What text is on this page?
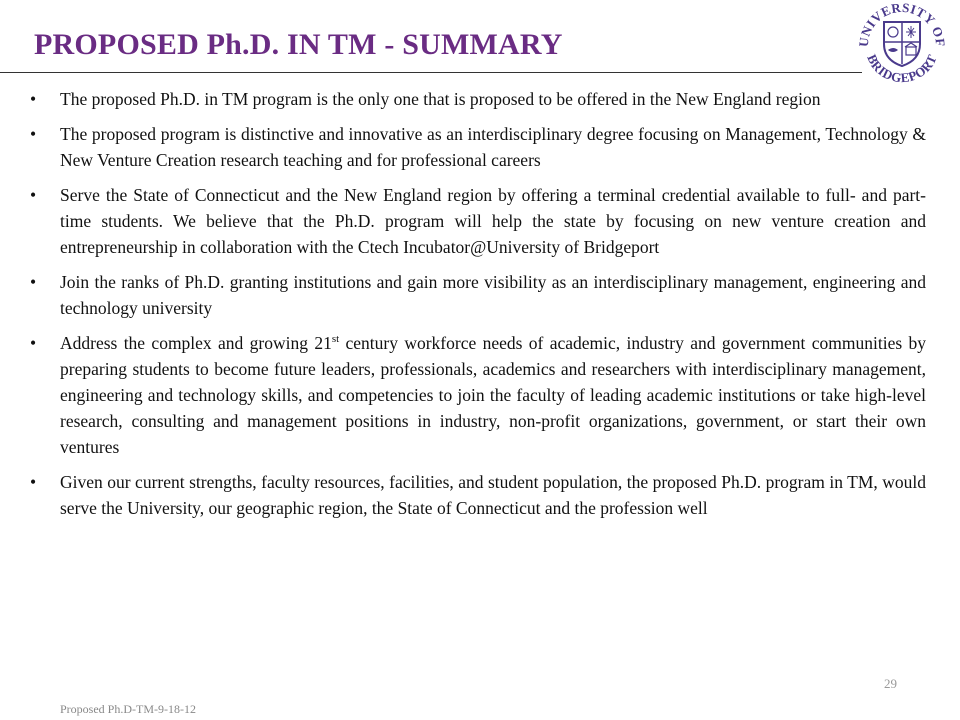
PROPOSED Ph.D. IN TM - SUMMARY	UNIVERSITY OF
BRIDGEPORT
• The proposed Ph.D. in TM program is the only one that is proposed to be offered in the New England region
• The proposed program is distinctive and innovative as an interdisciplinary degree focusing on Management, Technology & New Venture Creation research teaching and for professional careers
• Serve the State of Connecticut and the New England region by offering a terminal credential available to full- and part-time students. We believe that the Ph.D. program will help the state by focusing on new venture creation and entrepreneurship in collaboration with the Ctech Incubator@University of Bridgeport
• Join the ranks of Ph.D. granting institutions and gain more visibility as an interdisciplinary management, engineering and technology university
• Address the complex and growing 21st century workforce needs of academic, industry and government communities by preparing students to become future leaders, professionals, academics and researchers with interdisciplinary management, engineering and technology skills, and competencies to join the faculty of leading academic institutions or take high-level research, consulting and management positions in industry, non-profit organizations, government, or start their own ventures
• Given our current strengths, faculty resources, facilities, and student population, the proposed Ph.D. program in TM, would serve the University, our geographic region, the State of Connecticut and the profession well
29
Proposed Ph.D-TM-9-18-12
